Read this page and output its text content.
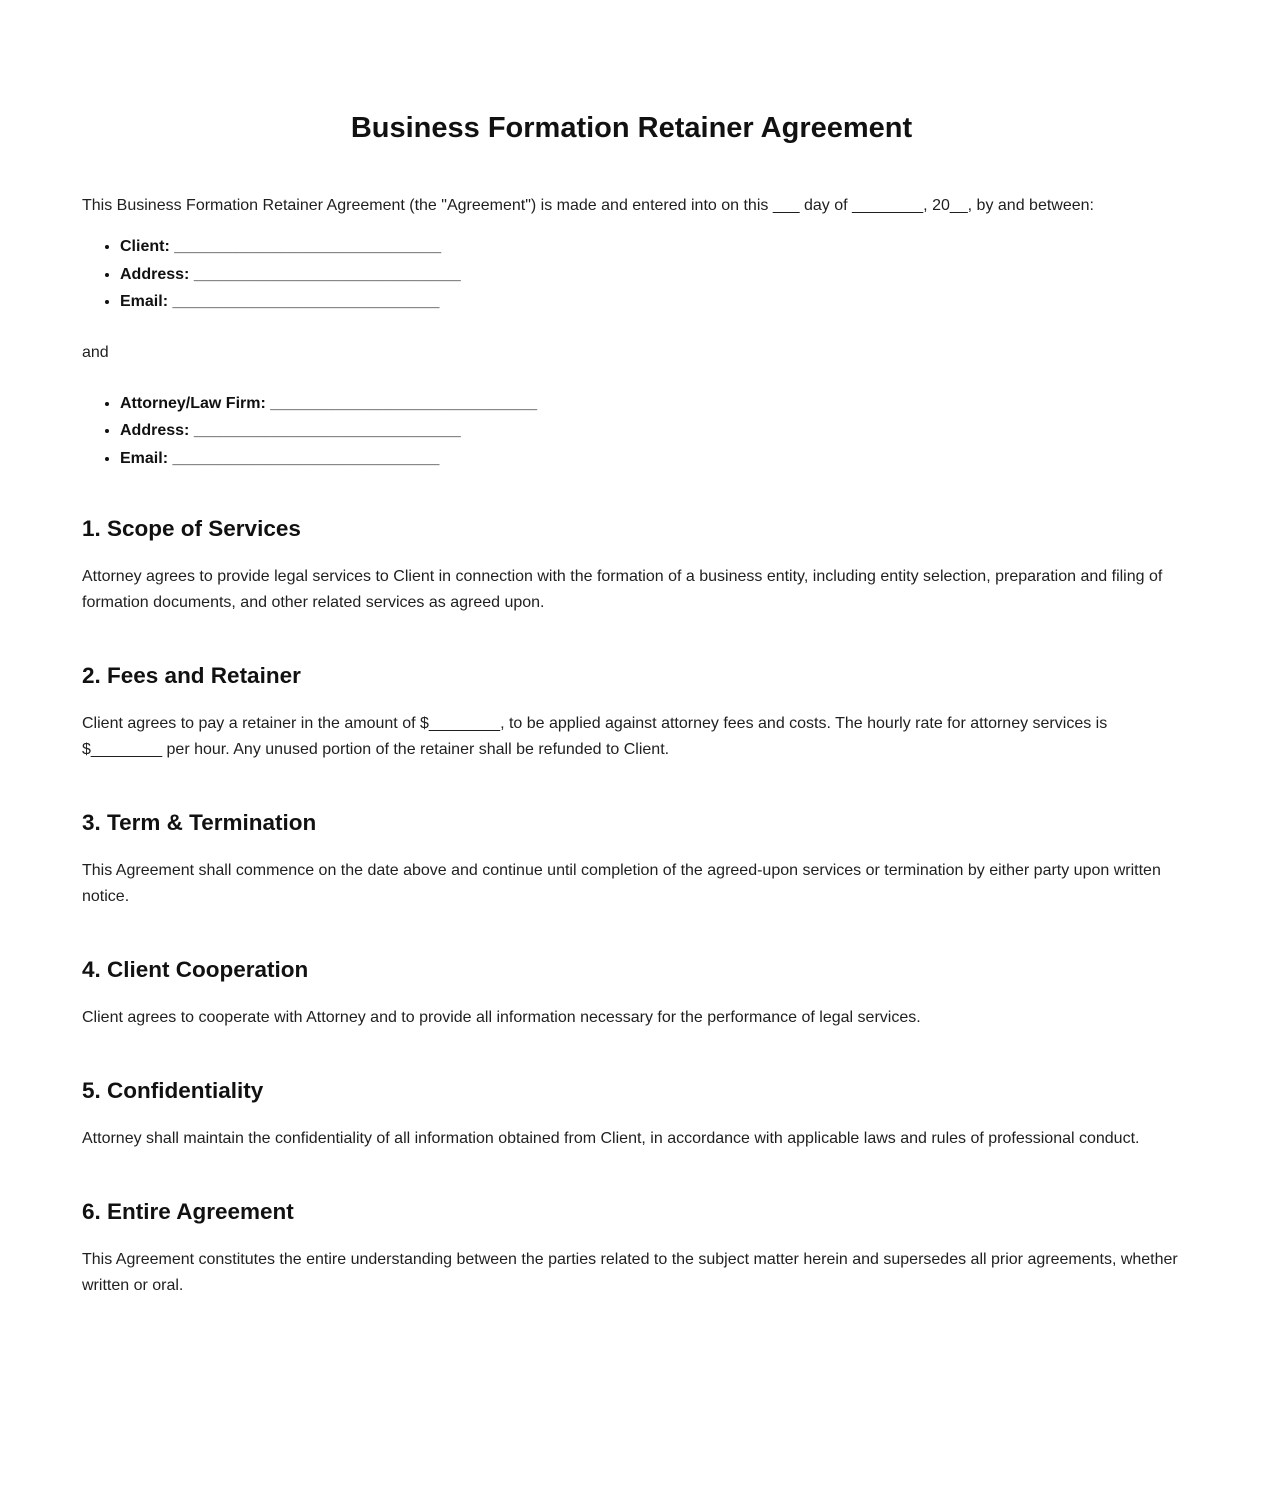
Business Formation Retainer Agreement

This Business Formation Retainer Agreement (the "Agreement") is made and entered into on this ___ day of ________, 20__, by and between:

• Client: ______________________________
• Address: ______________________________
• Email: ______________________________

and

• Attorney/Law Firm: ______________________________
• Address: ______________________________
• Email: ______________________________
1. Scope of Services

Attorney agrees to provide legal services to Client in connection with the formation of a business entity, including entity selection, preparation and filing of formation documents, and other related services as agreed upon.

2. Fees and Retainer

Client agrees to pay a retainer in the amount of $________, to be applied against attorney fees and costs. The hourly rate for attorney services is $________ per hour. Any unused portion of the retainer shall be refunded to Client.

3. Term & Termination

This Agreement shall commence on the date above and continue until completion of the agreed-upon services or termination by either party upon written notice.

4. Client Cooperation

Client agrees to cooperate with Attorney and to provide all information necessary for the performance of legal services.

5. Confidentiality

Attorney shall maintain the confidentiality of all information obtained from Client, in accordance with applicable laws and rules of professional conduct.

6. Entire Agreement

This Agreement constitutes the entire understanding between the parties related to the subject matter herein and supersedes all prior agreements, whether written or oral.
